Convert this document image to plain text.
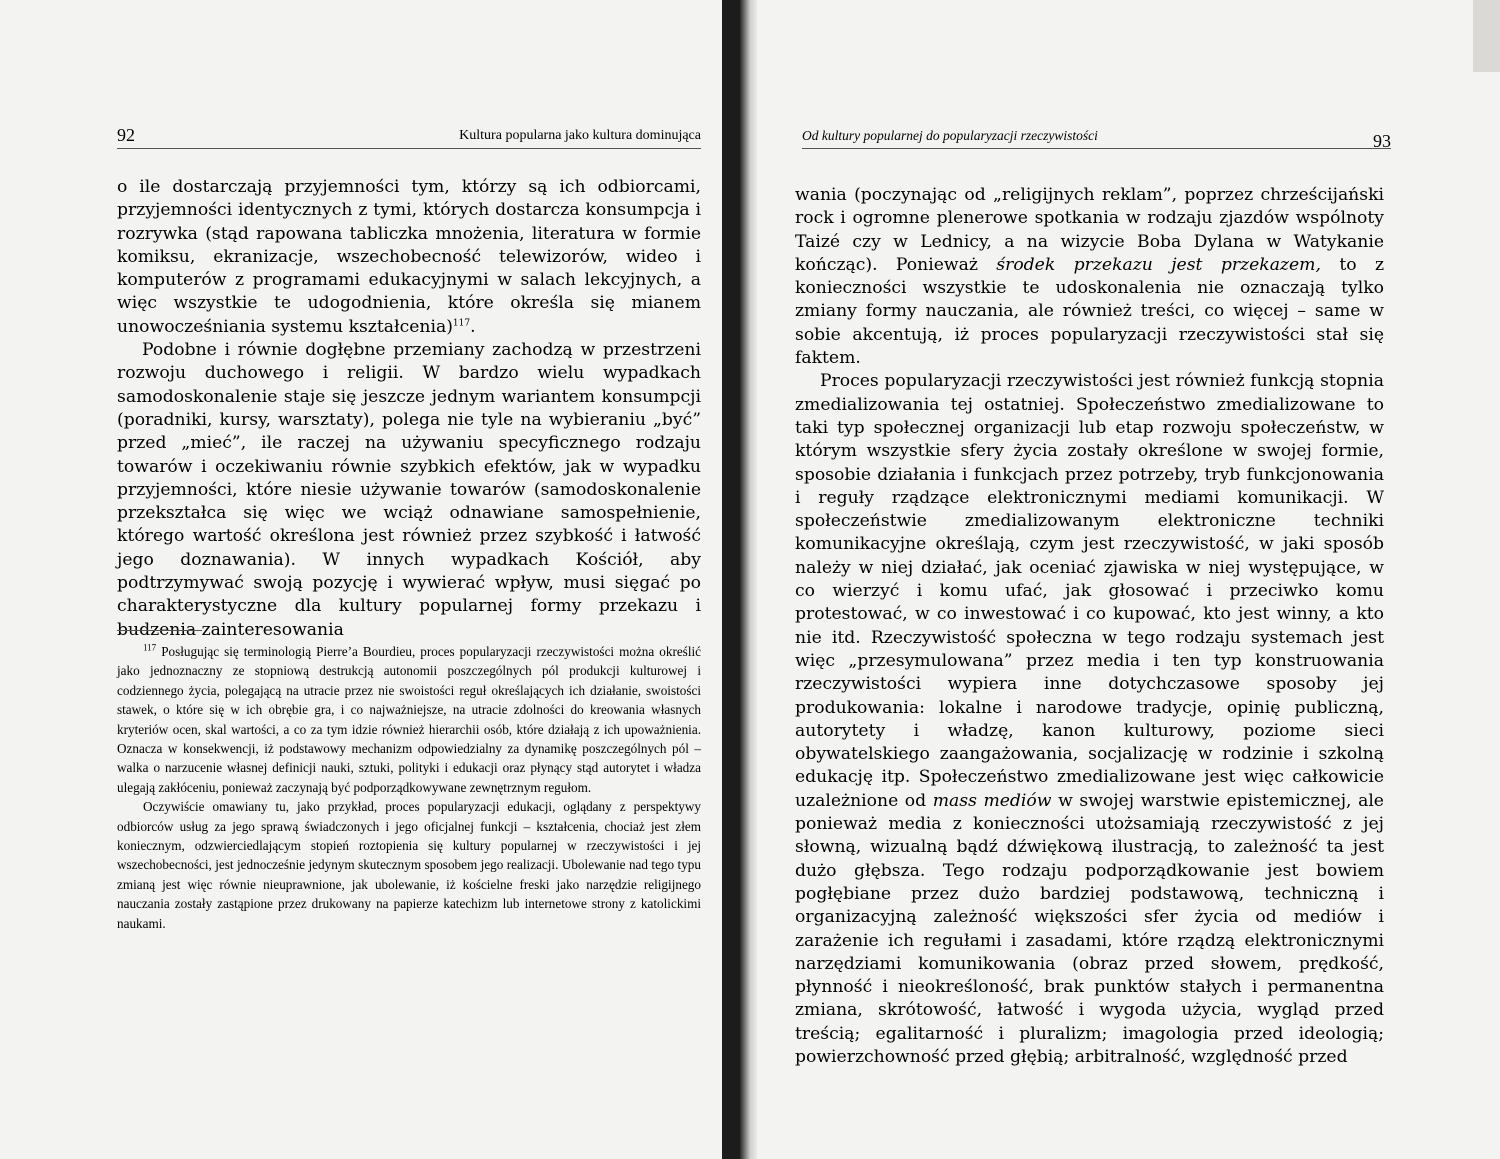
92	Kultura popularna jako kultura dominująca

o ile dostarczają przyjemności tym, którzy są ich odbiorcami, przyjemności identycznych z tymi, których dostarcza konsumpcja i rozrywka (stąd rapowana tabliczka mnożenia, literatura w formie komiksu, ekranizacje, wszechobecność telewizorów, wideo i komputerów z programami edukacyjnymi w salach lekcyjnych, a więc wszystkie te udogodnienia, które określa się mianem unowocześniania systemu kształcenia)$^{117}$.

Podobne i równie dogłębne przemiany zachodzą w przestrzeni rozwoju duchowego i religii. W bardzo wielu wypadkach samodoskonalenie staje się jeszcze jednym wariantem konsumpcji (poradniki, kursy, warsztaty), polega nie tyle na wybieraniu „być” przed „mieć”, ile raczej na używaniu specyficznego rodzaju towarów i oczekiwaniu równie szybkich efektów, jak w wypadku przyjemności, które niesie używanie towarów (samodoskonalenie przekształca się więc we wciąż odnawiane samospełnienie, którego wartość określona jest również przez szybkość i łatwość jego doznawania). W innych wypadkach Kościół, aby podtrzymywać swoją pozycję i wywierać wpływ, musi sięgać po charakterystyczne dla kultury popularnej formy przekazu i budzenia zainteresowania

$^{117}$ Posługując się terminologią Pierre’a Bourdieu, proces popularyzacji rzeczywistości można określić jako jednoznaczny ze stopniową destrukcją autonomii poszczególnych pól produkcji kulturowej i codziennego życia, polegającą na utracie przez nie swoistości reguł określających ich działanie, swoistości stawek, o które się w ich obrębie gra, i co najważniejsze, na utracie zdolności do kreowania własnych kryteriów ocen, skal wartości, a co za tym idzie również hierarchii osób, które działają z ich upoważnienia. Oznacza w konsekwencji, iż podstawowy mechanizm odpowiedzialny za dynamikę poszczególnych pól – walka o narzucenie własnej definicji nauki, sztuki, polityki i edukacji oraz płynący stąd autorytet i władza ulegają zakłóceniu, ponieważ zaczynają być podporządkowywane zewnętrznym regułom.

Oczywiście omawiany tu, jako przykład, proces popularyzacji edukacji, oglądany z perspektywy odbiorców usług za jego sprawą świadczonych i jego oficjalnej funkcji – kształcenia, chociaż jest złem koniecznym, odzwierciedlającym stopień roztopienia się kultury popularnej w rzeczywistości i jej wszechobecności, jest jednocześnie jedynym skutecznym sposobem jego realizacji. Ubolewanie nad tego typu zmianą jest więc równie nieuprawnione, jak ubolewanie, iż kościelne freski jako narzędzie religijnego nauczania zostały zastąpione przez drukowany na papierze katechizm lub internetowe strony z katolickimi naukami.

Od kultury popularnej do popularyzacji rzeczywistości	93

wania (poczynając od „religijnych reklam”, poprzez chrześcijański rock i ogromne plenerowe spotkania w rodzaju zjazdów wspólnoty Taizé czy w Lednicy, a na wizycie Boba Dylana w Watykanie kończąc). Ponieważ środek przekazu jest przekazem, to z konieczności wszystkie te udoskonalenia nie oznaczają tylko zmiany formy nauczania, ale również treści, co więcej – same w sobie akcentują, iż proces popularyzacji rzeczywistości stał się faktem.

Proces popularyzacji rzeczywistości jest również funkcją stopnia zmedializowania tej ostatniej. Społeczeństwo zmedializowane to taki typ społecznej organizacji lub etap rozwoju społeczeństw, w którym wszystkie sfery życia zostały określone w swojej formie, sposobie działania i funkcjach przez potrzeby, tryb funkcjonowania i reguły rządzące elektronicznymi mediami komunikacji. W społeczeństwie zmedializowanym elektroniczne techniki komunikacyjne określają, czym jest rzeczywistość, w jaki sposób należy w niej działać, jak oceniać zjawiska w niej występujące, w co wierzyć i komu ufać, jak głosować i przeciwko komu protestować, w co inwestować i co kupować, kto jest winny, a kto nie itd. Rzeczywistość społeczna w tego rodzaju systemach jest więc „przesymulowana” przez media i ten typ konstruowania rzeczywistości wypiera inne dotychczasowe sposoby jej produkowania: lokalne i narodowe tradycje, opinię publiczną, autorytety i władzę, kanon kulturowy, poziome sieci obywatelskiego zaangażowania, socjalizację w rodzinie i szkolną edukację itp. Społeczeństwo zmedializowane jest więc całkowicie uzależnione od mass mediów w swojej warstwie epistemicznej, ale ponieważ media z konieczności utożsamiają rzeczywistość z jej słowną, wizualną bądź dźwiękową ilustracją, to zależność ta jest dużo głębsza. Tego rodzaju podporządkowanie jest bowiem pogłębiane przez dużo bardziej podstawową, techniczną i organizacyjną zależność większości sfer życia od mediów i zarażenie ich regułami i zasadami, które rządzą elektronicznymi narzędziami komunikowania (obraz przed słowem, prędkość, płynność i nieokreśloność, brak punktów stałych i permanentna zmiana, skrótowość, łatwość i wygoda użycia, wygląd przed treścią; egalitarność i pluralizm; imagologia przed ideologią; powierzchowność przed głębią; arbitralność, względność przed
